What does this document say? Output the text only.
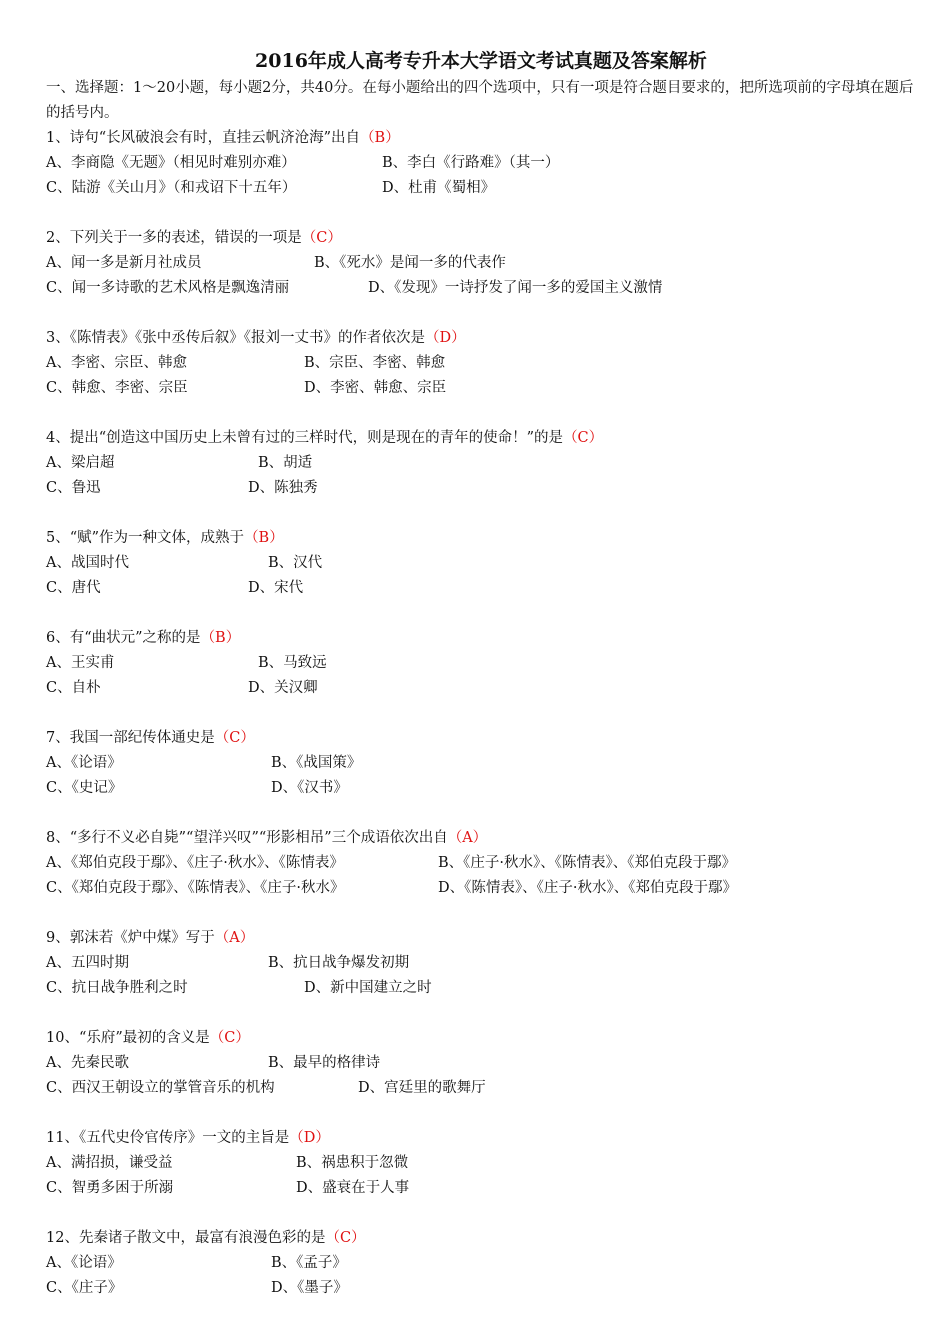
2016年成人高考专升本大学语文考试真题及答案解析
一、选择题：1～20小题，每小题2分，共40分。在每小题给出的四个选项中，只有一项是符合题目要求的，把所选项前的字母填在题后的括号内。
1、诗句“长风破浪会有时，直挂云帆济沧海”出自（B）
A、李商隐《无题》（相见时难别亦难）	B、李白《行路难》（其一）
C、陆游《关山月》（和戎诏下十五年）	D、杜甫《蜀相》
2、下列关于一多的表述，错误的一项是（C）
A、闻一多是新月社成员	B、《死水》是闻一多的代表作
C、闻一多诗歌的艺术风格是飘逸清丽	D、《发现》一诗抒发了闻一多的爱国主义激情
3、《陈情表》《张中丞传后叙》《报刘一丈书》的作者依次是（D）
A、李密、宗臣、韩愈	B、宗臣、李密、韩愈
C、韩愈、李密、宗臣	D、李密、韩愈、宗臣
4、提出“创造这中国历史上未曾有过的三样时代，则是现在的青年的使命！”的是（C）
A、梁启超	B、胡适
C、鲁迅	D、陈独秀
5、“赋”作为一种文体，成熟于（B）
A、战国时代	B、汉代
C、唐代	D、宋代
6、有“曲状元”之称的是（B）
A、王实甫	B、马致远
C、自朴	D、关汉卿
7、我国一部纪传体通史是（C）
A、《论语》	B、《战国策》
C、《史记》	D、《汉书》
8、“多行不义必自毙”“望洋兴叹”“形影相吊”三个成语依次出自（A）
A、《郑伯克段于鄢》、《庄子·秋水》、《陈情表》	B、《庄子·秋水》、《陈情表》、《郑伯克段于鄢》
C、《郑伯克段于鄢》、《陈情表》、《庄子·秋水》	D、《陈情表》、《庄子·秋水》、《郑伯克段于鄢》
9、郭沫若《炉中煤》写于（A）
A、五四时期	B、抗日战争爆发初期
C、抗日战争胜利之时	D、新中国建立之时
10、“乐府”最初的含义是（C）
A、先秦民歌	B、最早的格律诗
C、西汉王朝设立的掌管音乐的机构	D、宫廷里的歌舞厅
11、《五代史伶官传序》一文的主旨是（D）
A、满招损，谦受益	B、祸患积于忽微
C、智勇多困于所溺	D、盛衰在于人事
12、先秦诸子散文中，最富有浪漫色彩的是（C）
A、《论语》	B、《孟子》
C、《庄子》	D、《墨子》
